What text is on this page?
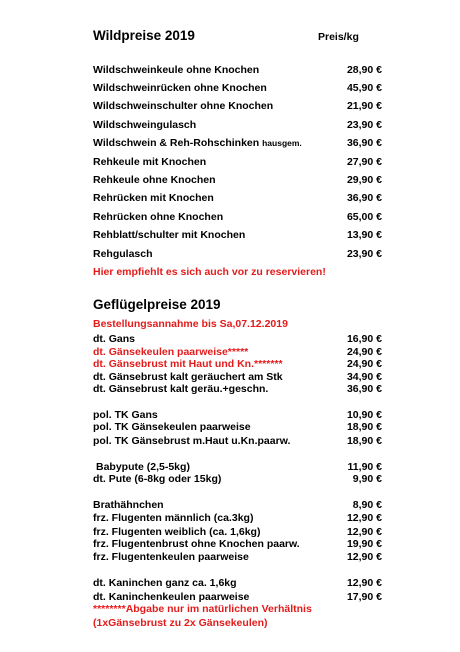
Wildpreise 2019	Preis/kg
Wildschweinkeule ohne Knochen	28,90 €
Wildschweinrücken ohne Knochen	45,90 €
Wildschweinschulter ohne Knochen	21,90 €
Wildschweingulasch	23,90 €
Wildschwein & Reh-Rohschinken hausgem.	36,90 €
Rehkeule mit Knochen	27,90 €
Rehkeule ohne Knochen	29,90 €
Rehrücken mit Knochen	36,90 €
Rehrücken ohne Knochen	65,00 €
Rehblatt/schulter mit Knochen	13,90 €
Rehgulasch	23,90 €
Hier empfiehlt es sich auch vor zu reservieren!
Geflügelpreise 2019
Bestellungsannahme bis Sa,07.12.2019
dt. Gans	16,90 €
dt. Gänsekeulen paarweise*****	24,90 €
dt. Gänsebrust mit Haut und Kn.*******	24,90 €
dt. Gänsebrust kalt geräuchert am Stk	34,90 €
dt. Gänsebrust kalt geräu.+geschn.	36,90 €
pol. TK Gans	10,90 €
pol. TK Gänsekeulen paarweise	18,90 €
pol. TK Gänsebrust m.Haut u.Kn.paarw.	18,90 €
Babypute (2,5-5kg)	11,90 €
dt. Pute (6-8kg oder 15kg)	9,90 €
Brathähnchen	8,90 €
frz. Flugenten männlich (ca.3kg)	12,90 €
frz. Flugenten weiblich (ca. 1,6kg)	12,90 €
frz. Flugentenbrust ohne Knochen paarw.	19,90 €
frz. Flugentenkeulen paarweise	12,90 €
dt. Kaninchen ganz ca. 1,6kg	12,90 €
dt. Kaninchenkeulen paarweise	17,90 €
********Abgabe nur im natürlichen Verhältnis
(1xGänsebrust zu 2x Gänsekeulen)
